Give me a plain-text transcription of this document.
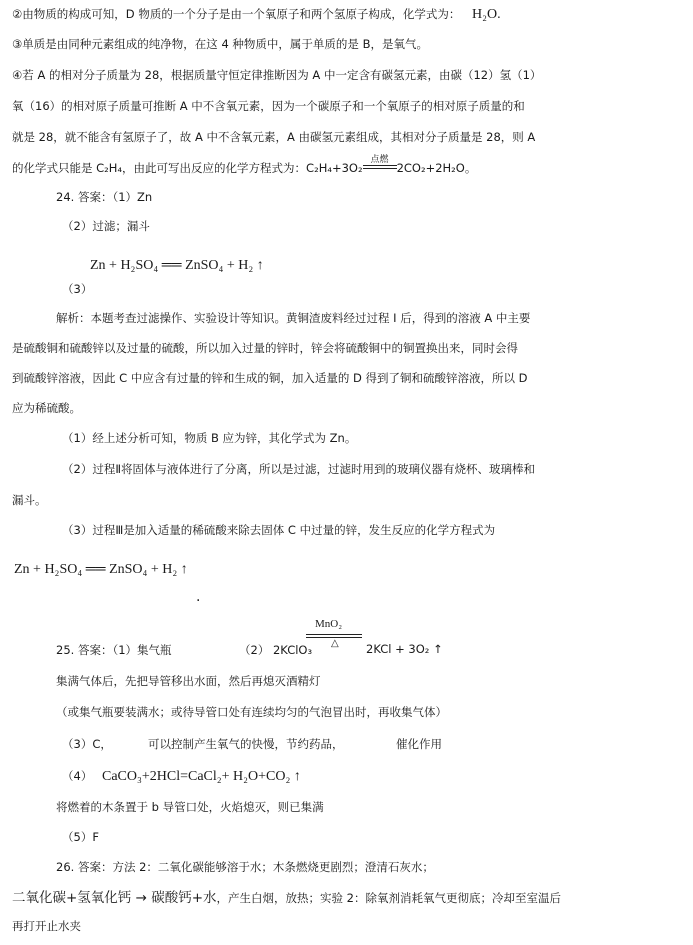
②由物质的构成可知，D 物质的一个分子是由一个氧原子和两个氢原子构成，化学式为： H₂O.
③单质是由同种元素组成的纯净物，在这 4 种物质中，属于单质的是 B，是氧气。
④若 A 的相对分子质量为 28，根据质量守恒定律推断因为 A 中一定含有碳氢元素，由碳（12）氢（1）
氧（16）的相对原子质量可推断 A 中不含氧元素，因为一个碳原子和一个氧原子的相对原子质量的和
就是 28，就不能含有氢原子了，故 A 中不含氧元素，A 由碳氢元素组成，其相对分子质量是 28，则 A
的化学式只能是 C₂H₄，由此可写出反应的化学方程式为：C₂H₄+3O₂
点燃
2CO₂+2H₂O。
24. 答案：（1）Zn
（2）过滤；漏斗
Zn + H₂SO₄ ══ ZnSO₄ + H₂ ↑
（3）
解析：本题考查过滤操作、实验设计等知识。黄铜渣废料经过过程 I 后，得到的溶液 A 中主要
是硫酸铜和硫酸锌以及过量的硫酸，所以加入过量的锌时，锌会将硫酸铜中的铜置换出来，同时会得
到硫酸锌溶液，因此 C 中应含有过量的锌和生成的铜，加入适量的 D 得到了铜和硫酸锌溶液，所以 D
应为稀硫酸。
（1）经上述分析可知，物质 B 应为锌，其化学式为 Zn。
（2）过程Ⅱ将固体与液体进行了分离，所以是过滤，过滤时用到的玻璃仪器有烧杯、玻璃棒和
漏斗。
（3）过程Ⅲ是加入适量的稀硫酸来除去固体 C 中过量的锌，发生反应的化学方程式为
Zn + H₂SO₄ ══ ZnSO₄ + H₂ ↑
.
MnO₂
△
25. 答案：（1）集气瓶	（2） 2KClO₃	2KCl + 3O₂ ↑
集满气体后，先把导管移出水面，然后再熄灭酒精灯
（或集气瓶要装满水；或待导管口处有连续均匀的气泡冒出时，再收集气体）
（3）C，	可以控制产生氧气的快慢，节约药品，	催化作用
（4） CaCO₃+2HCl=CaCl₂+ H₂O+CO₂ ↑
将燃着的木条置于 b 导管口处，火焰熄灭，则已集满
（5）F
26. 答案：方法 2：二氧化碳能够溶于水；木条燃烧更剧烈；澄清石灰水；
二氧化碳+氢氧化钙 → 碳酸钙+水，产生白烟，放热；实验 2：除氧剂消耗氧气更彻底；冷却至室温后
再打开止水夹
